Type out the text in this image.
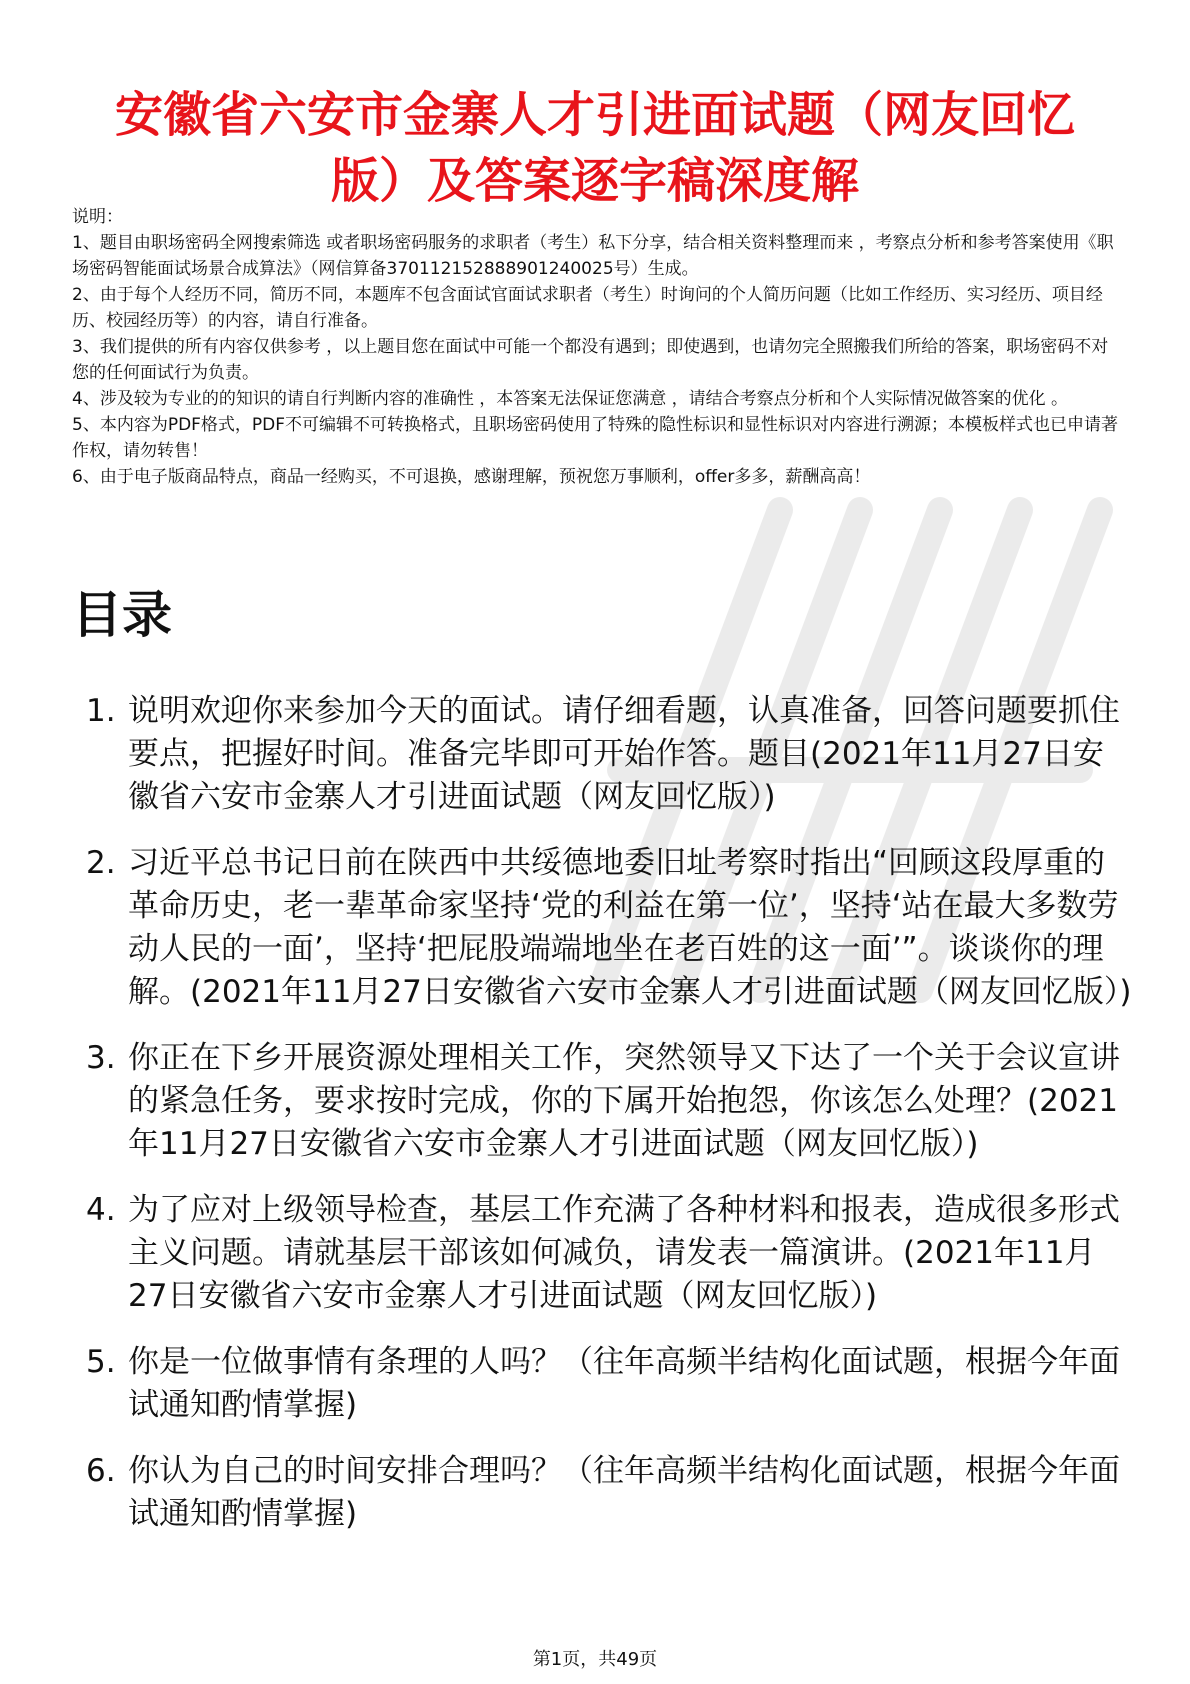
安徽省六安市金寨人才引进面试题（网友回忆
版）及答案逐字稿深度解

说明：

1、题目由职场密码全网搜索筛选 或者职场密码服务的求职者（考生）私下分享，结合相关资料整理而来 ，考察点分析和参考答案使用《职场密码智能面试场景合成算法》（网信算备370112152888901240025号）生成。

2、由于每个人经历不同，简历不同，本题库不包含面试官面试求职者（考生）时询问的个人简历问题（比如工作经历、实习经历、项目经历、校园经历等）的内容，请自行准备。

3、我们提供的所有内容仅供参考 ，以上题目您在面试中可能一个都没有遇到；即使遇到，也请勿完全照搬我们所给的答案，职场密码不对您的任何面试行为负责。

4、涉及较为专业的的知识的请自行判断内容的准确性 ，本答案无法保证您满意 ，请结合考察点分析和个人实际情况做答案的优化 。

5、本内容为PDF格式，PDF不可编辑不可转换格式，且职场密码使用了特殊的隐性标识和显性标识对内容进行溯源；本模板样式也已申请著作权，请勿转售！

6、由于电子版商品特点，商品一经购买，不可退换，感谢理解，预祝您万事顺利，offer多多，薪酬高高！

目录
1. 说明欢迎你来参加今天的面试。请仔细看题，认真准备，回答问题要抓住要点，把握好时间。准备完毕即可开始作答。题目(2021年11月27日安徽省六安市金寨人才引进面试题（网友回忆版）)
2. 习近平总书记日前在陕西中共绥德地委旧址考察时指出“回顾这段厚重的革命历史，老一辈革命家坚持‘党的利益在第一位’，坚持‘站在最大多数劳动人民的一面’，坚持‘把屁股端端地坐在老百姓的这一面’”。谈谈你的理解。(2021年11月27日安徽省六安市金寨人才引进面试题（网友回忆版）)
3. 你正在下乡开展资源处理相关工作，突然领导又下达了一个关于会议宣讲的紧急任务，要求按时完成，你的下属开始抱怨，你该怎么处理？(2021年11月27日安徽省六安市金寨人才引进面试题（网友回忆版）)
4. 为了应对上级领导检查，基层工作充满了各种材料和报表，造成很多形式主义问题。请就基层干部该如何减负，请发表一篇演讲。(2021年11月27日安徽省六安市金寨人才引进面试题（网友回忆版）)
5. 你是一位做事情有条理的人吗？（往年高频半结构化面试题，根据今年面试通知酌情掌握)
6. 你认为自己的时间安排合理吗？（往年高频半结构化面试题，根据今年面试通知酌情掌握)
第1页，共49页
